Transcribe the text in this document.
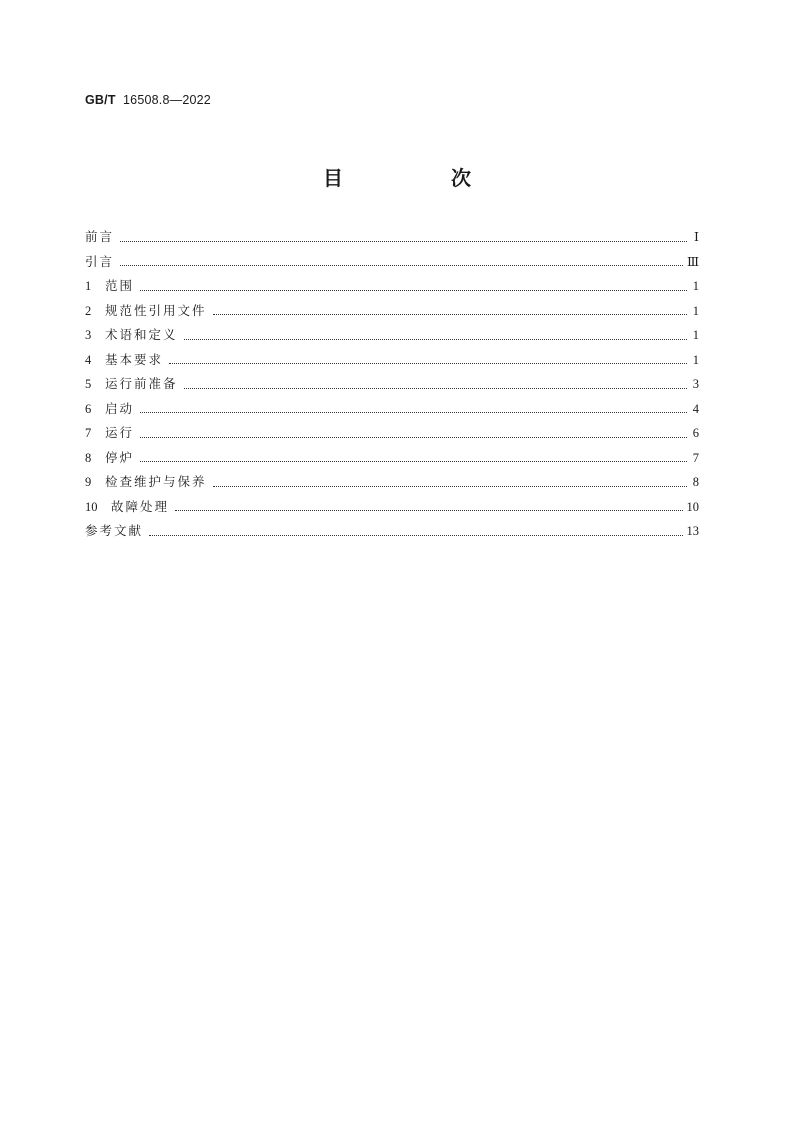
GB/T 16508.8—2022
目　次
前言	Ⅰ
引言	Ⅲ
1	范围	1
2	规范性引用文件	1
3	术语和定义	1
4	基本要求	1
5	运行前准备	3
6	启动	4
7	运行	6
8	停炉	7
9	检查维护与保养	8
10	故障处理	10
参考文献	13
